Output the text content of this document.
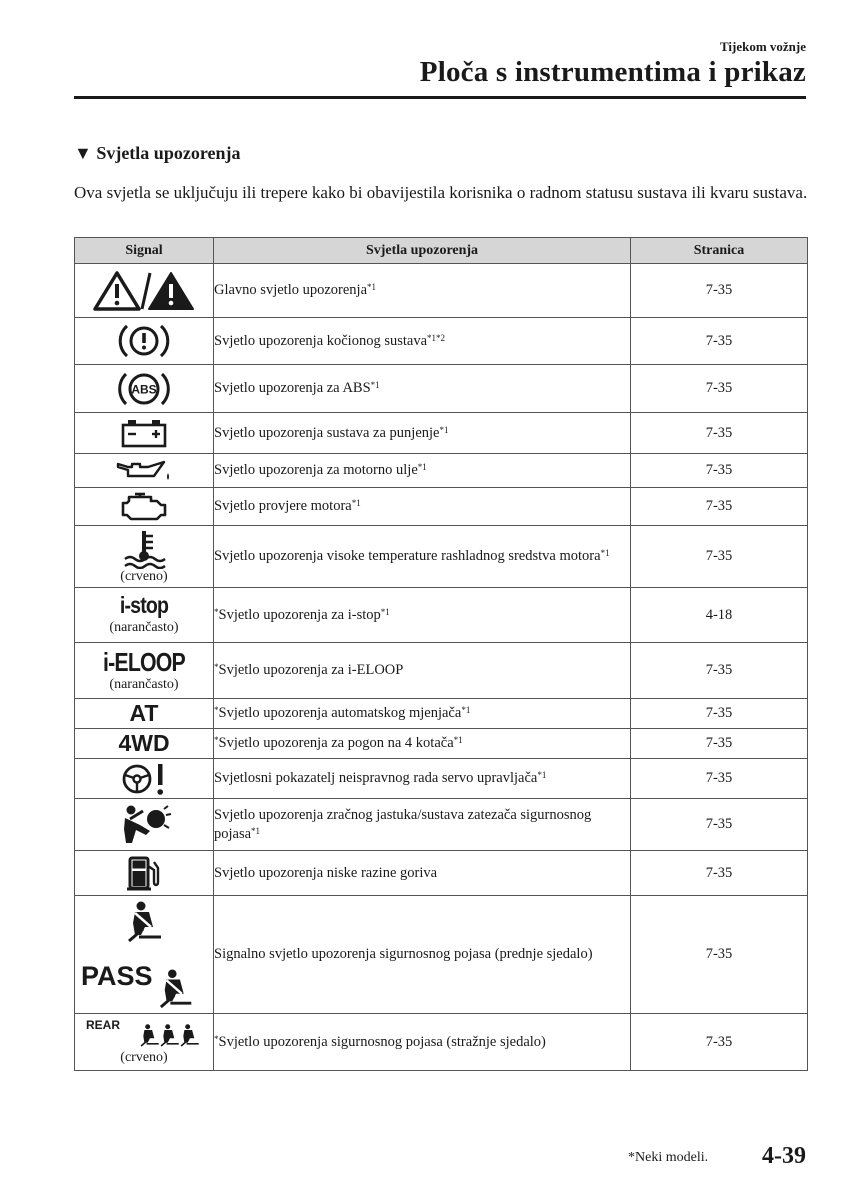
Tijekom vožnje
Ploča s instrumentima i prikaz
▼ Svjetla upozorenja
Ova svjetla se uključuju ili trepere kako bi obavijestila korisnika o radnom statusu sustava ili kvaru sustava.
Signal	Svjetla upozorenja	Stranica

	Glavno svjetlo upozorenja$^{*1}$	7-35

	Svjetlo upozorenja kočionog sustava$^{*1*2}$	7-35

ABS	Svjetlo upozorenja za ABS$^{*1}$	7-35

	Svjetlo upozorenja sustava za punjenje$^{*1}$	7-35

	Svjetlo upozorenja za motorno ulje$^{*1}$	7-35

	Svjetlo provjere motora$^{*1}$	7-35

(crveno)	Svjetlo upozorenja visoke temperature rashladnog sredstva motora$^{*1}$	7-35

i-stop
(narančasto)	*Svjetlo upozorenja za i-stop$^{*1}$	4-18

i-ELOOP
(narančasto)	*Svjetlo upozorenja za i-ELOOP	7-35

AT	*Svjetlo upozorenja automatskog mjenjača$^{*1}$	7-35

4WD	*Svjetlo upozorenja za pogon na 4 kotača$^{*1}$	7-35

	Svjetlosni pokazatelj neispravnog rada servo upravljača$^{*1}$	7-35

	Svjetlo upozorenja zračnog jastuka/sustava zatezača sigurnosnog pojasa$^{*1}$	7-35

	Svjetlo upozorenja niske razine goriva	7-35

PASS	Signalno svjetlo upozorenja sigurnosnog pojasa (prednje sjedalo)	7-35

REAR
(crveno)	*Svjetlo upozorenja sigurnosnog pojasa (stražnje sjedalo)	7-35
*Neki modeli. 4-39
